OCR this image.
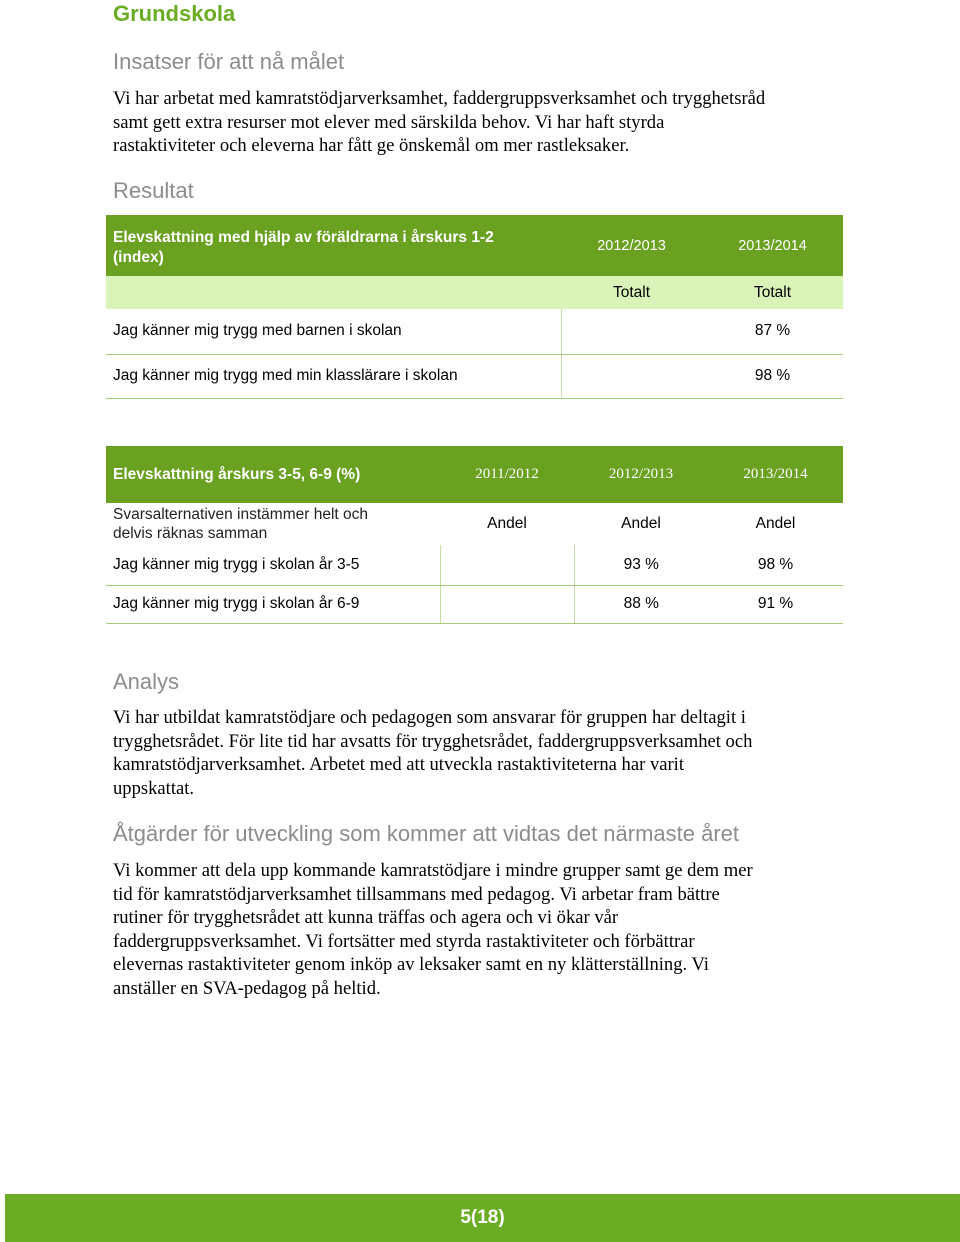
Grundskola
Insatser för att nå målet

Vi har arbetat med kamratstödjarverksamhet, faddergruppsverksamhet och trygghetsråd
samt gett extra resurser mot elever med särskilda behov. Vi har haft styrda
rastaktiviteter och eleverna har fått ge önskemål om mer rastleksaker.

Resultat
Elevskattning med hjälp av föräldrarna i årskurs 1-2
(index)	2012/2013	2013/2014
	Totalt	Totalt
Jag känner mig trygg med barnen i skolan		87 %
Jag känner mig trygg med min klasslärare i skolan		98 %
Elevskattning årskurs 3-5, 6-9 (%)	2011/2012	2012/2013	2013/2014
Svarsalternativen instämmer helt och
delvis räknas samman	Andel	Andel	Andel
Jag känner mig trygg i skolan år 3-5		93 %	98 %
Jag känner mig trygg i skolan år 6-9		88 %	91 %
Analys

Vi har utbildat kamratstödjare och pedagogen som ansvarar för gruppen har deltagit i
trygghetsrådet. För lite tid har avsatts för trygghetsrådet, faddergruppsverksamhet och
kamratstödjarverksamhet. Arbetet med att utveckla rastaktiviteterna har varit
uppskattat.

Åtgärder för utveckling som kommer att vidtas det närmaste året

Vi kommer att dela upp kommande kamratstödjare i mindre grupper samt ge dem mer
tid för kamratstödjarverksamhet tillsammans med pedagog. Vi arbetar fram bättre
rutiner för trygghetsrådet att kunna träffas och agera och vi ökar vår
faddergruppsverksamhet. Vi fortsätter med styrda rastaktiviteter och förbättrar
elevernas rastaktiviteter genom inköp av leksaker samt en ny klätterställning. Vi
anställer en SVA-pedagog på heltid.

5(18)
